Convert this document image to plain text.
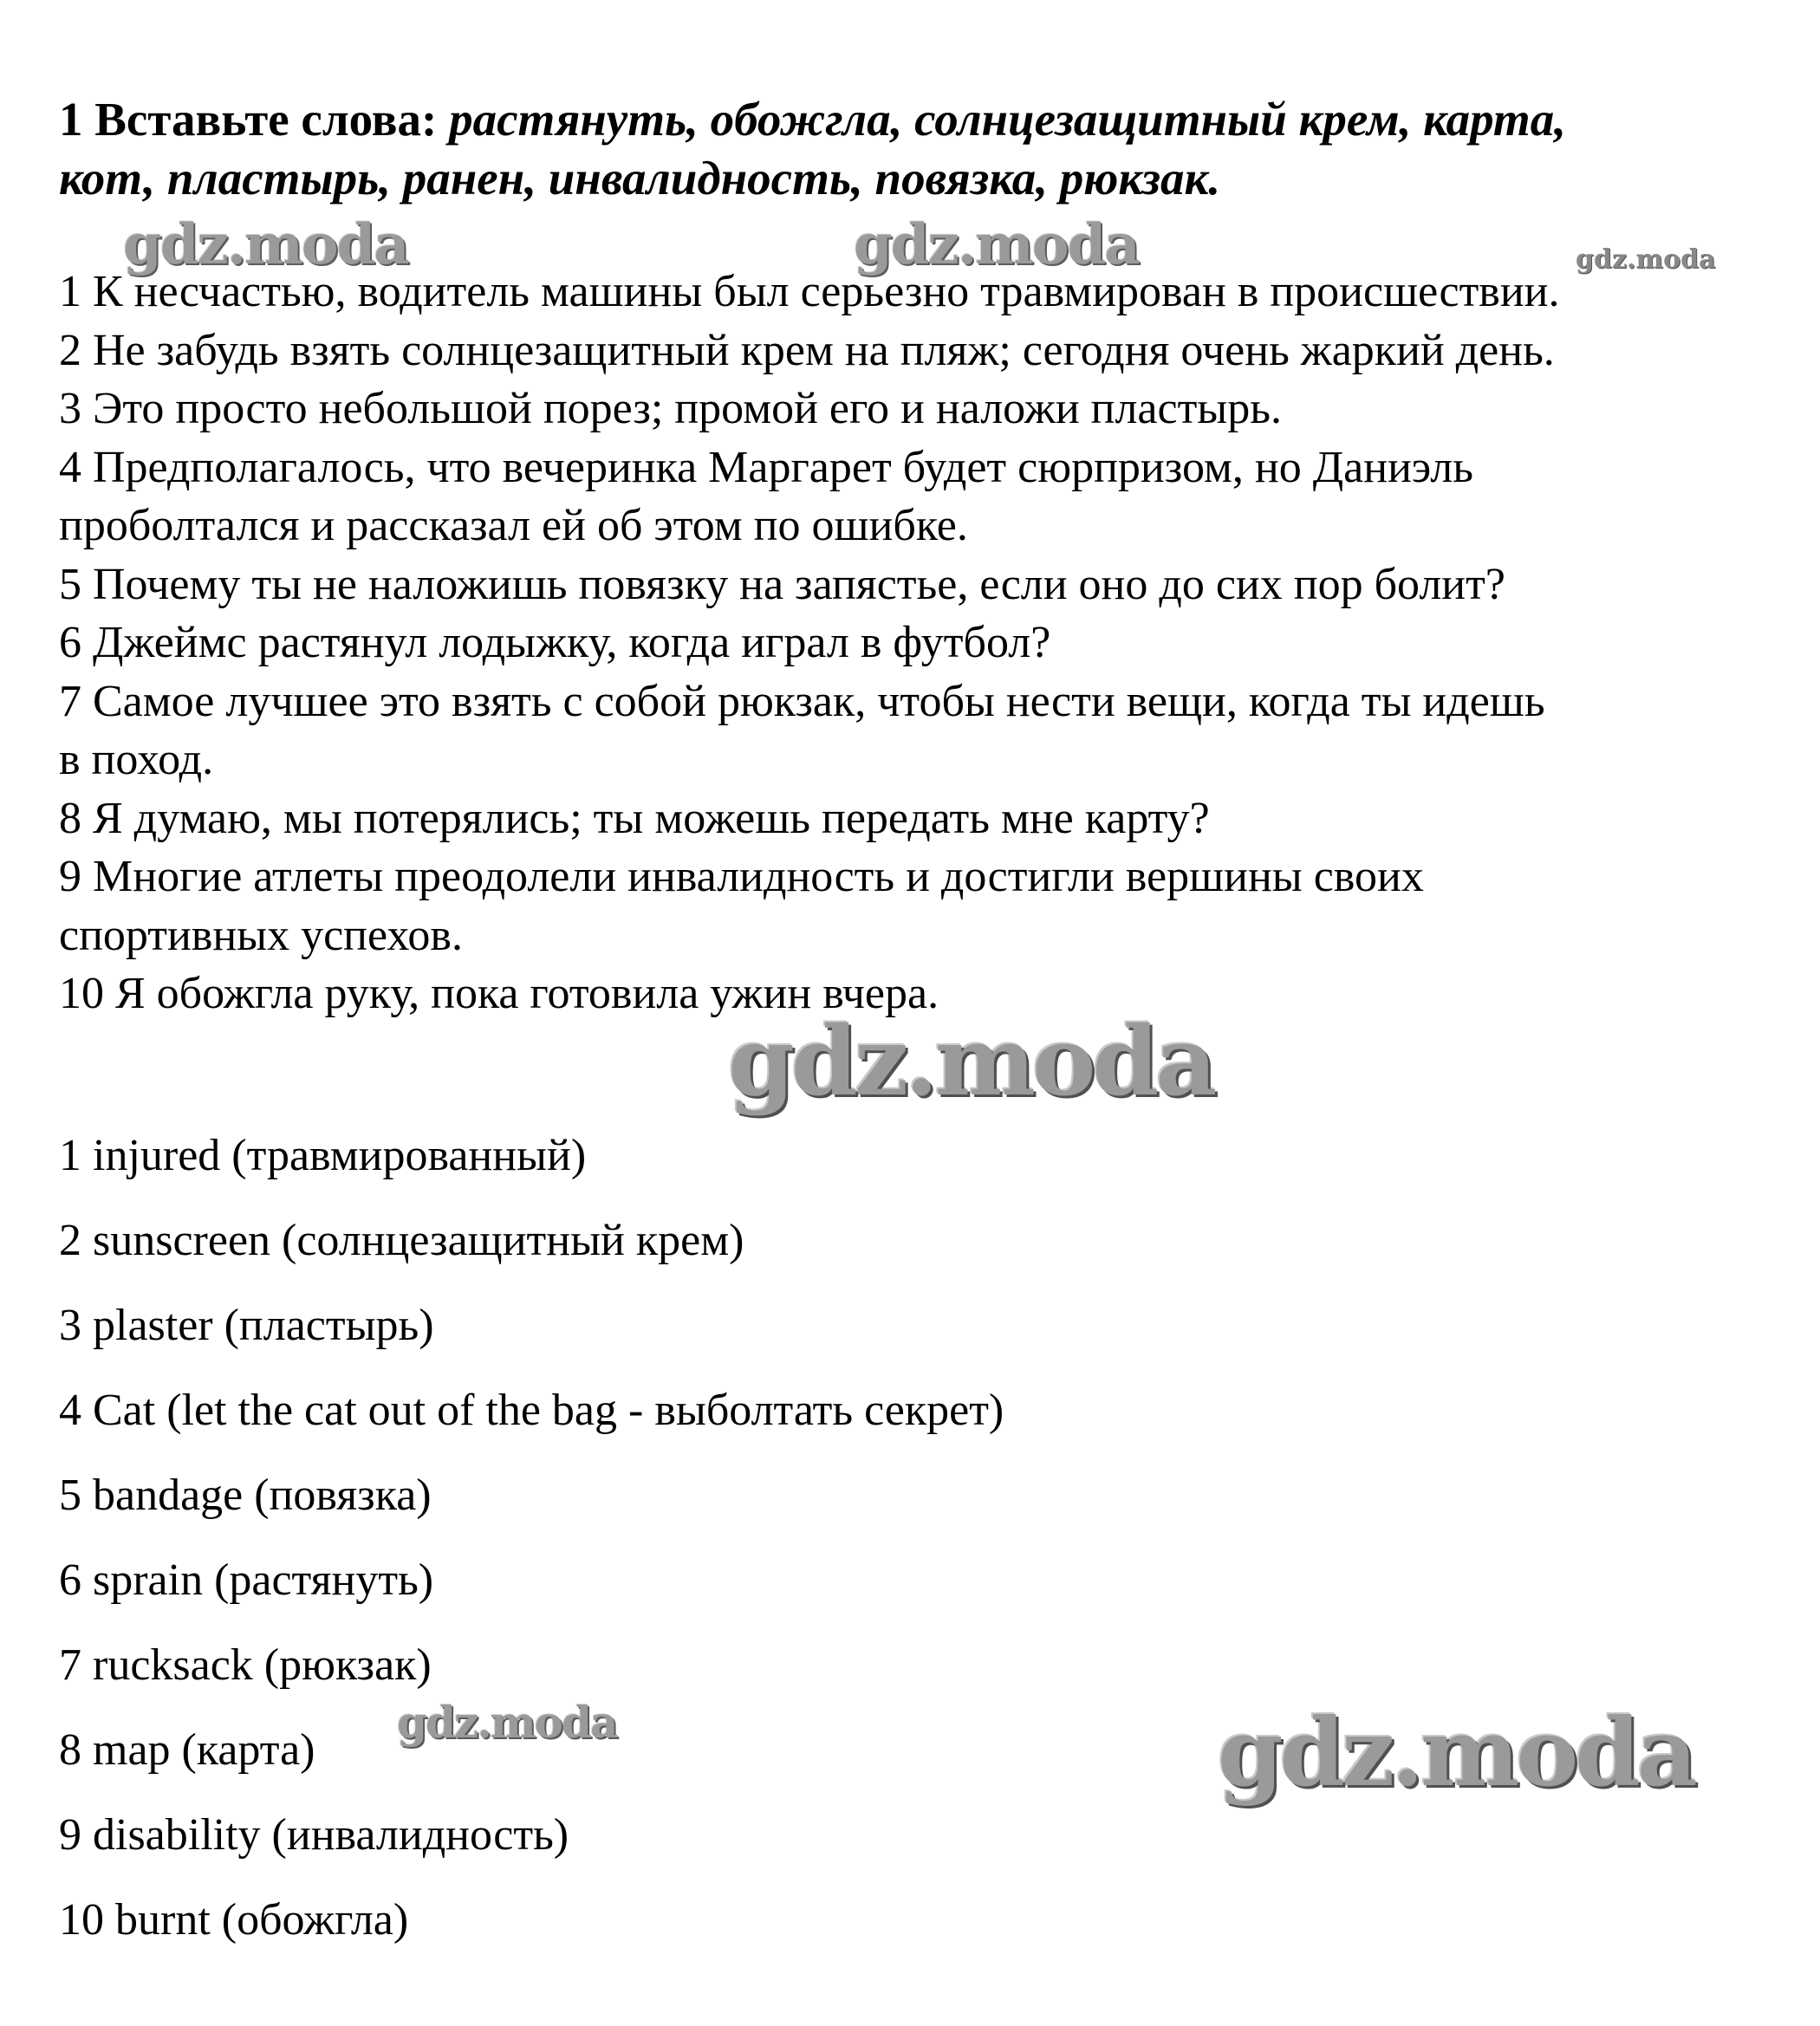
1 Вставьте слова: растянуть, обожгла, солнцезащитный крем, карта,
кот, пластырь, ранен, инвалидность, повязка, рюкзак.
1 К несчастью, водитель машины был серьезно травмирован в происшествии.
2 Не забудь взять солнцезащитный крем на пляж; сегодня очень жаркий день.
3 Это просто небольшой порез; промой его и наложи пластырь.
4 Предполагалось, что вечеринка Маргарет будет сюрпризом, но Даниэль
проболтался и рассказал ей об этом по ошибке.
5 Почему ты не наложишь повязку на запястье, если оно до сих пор болит?
6 Джеймс растянул лодыжку, когда играл в футбол?
7 Самое лучшее это взять с собой рюкзак, чтобы нести вещи, когда ты идешь
в поход.
8 Я думаю, мы потерялись; ты можешь передать мне карту?
9 Многие атлеты преодолели инвалидность и достигли вершины своих
спортивных успехов.
10 Я обожгла руку, пока готовила ужин вчера.
1 injured (травмированный)
2 sunscreen (солнцезащитный крем)
3 plaster (пластырь)
4 Cat (let the cat out of the bag - выболтать секрет)
5 bandage (повязка)
6 sprain (растянуть)
7 rucksack (рюкзак)
8 map (карта)
9 disability (инвалидность)
10 burnt (обожгла)
gdz.moda	gdz.moda	gdz.moda
gdz.moda
gdz.moda	gdz.moda
